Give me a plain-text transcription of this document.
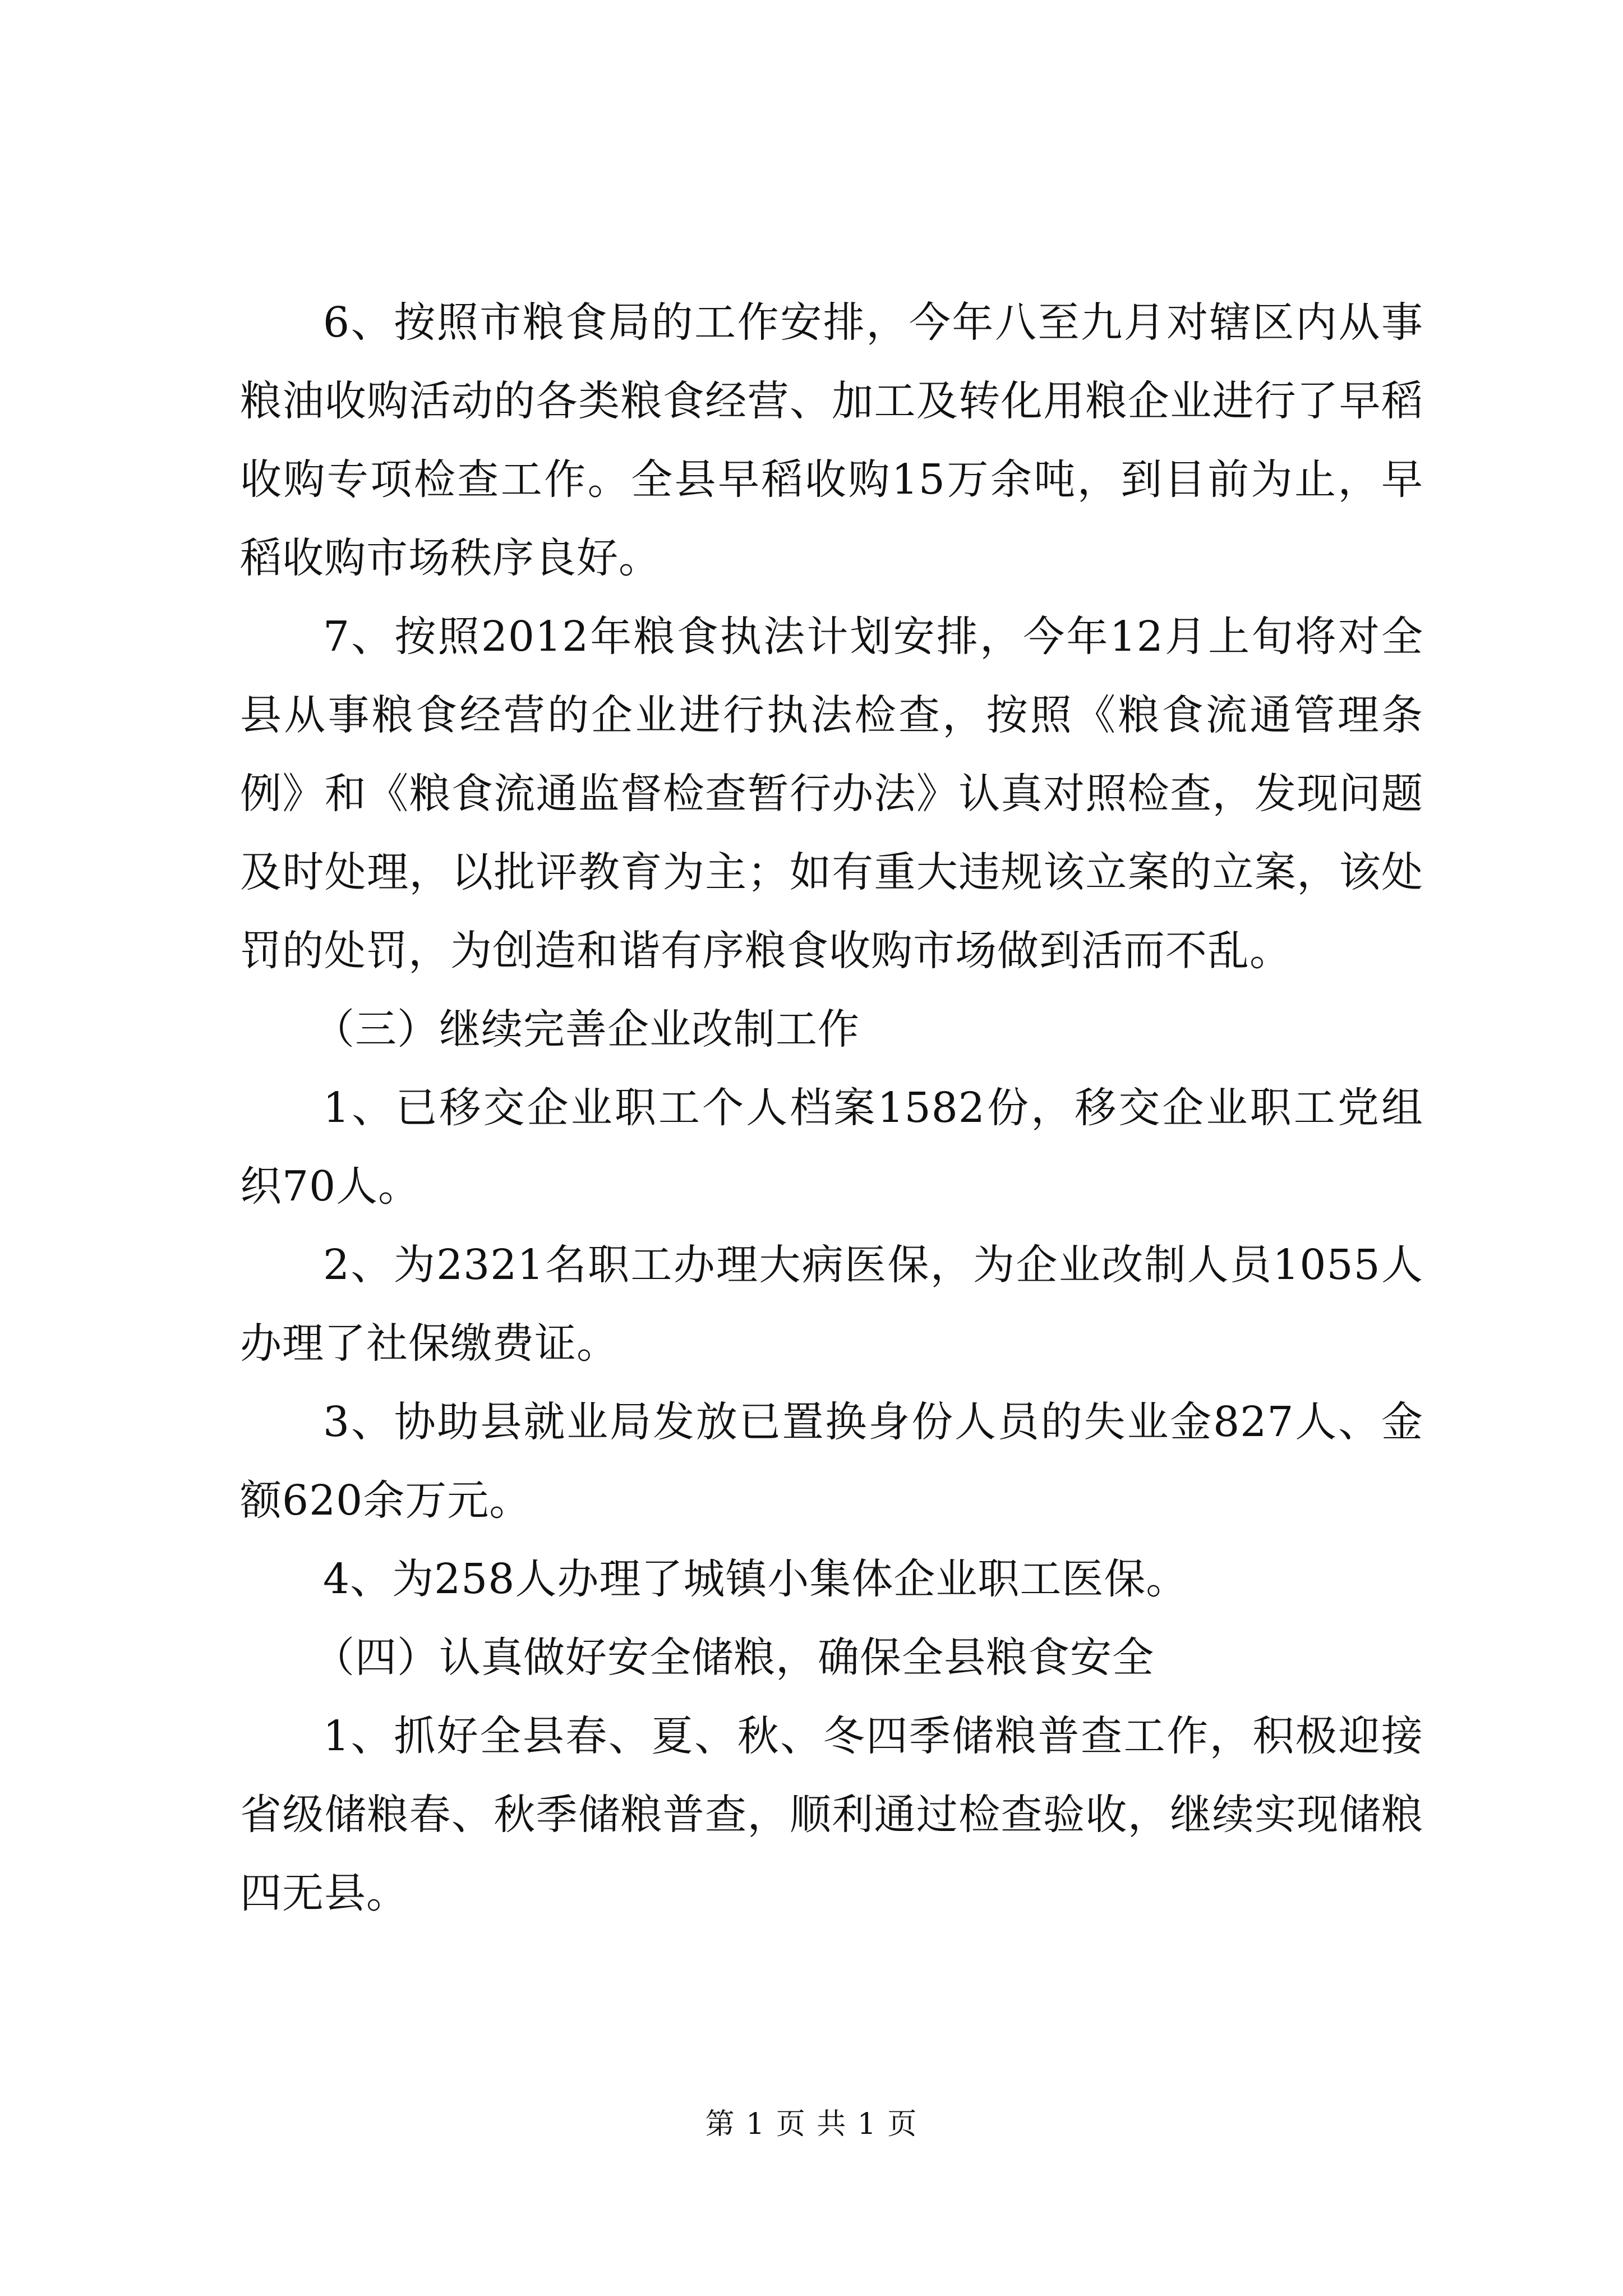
6、按照市粮食局的工作安排，今年八至九月对辖区内从事粮油收购活动的各类粮食经营、加工及转化用粮企业进行了早稻收购专项检查工作。全县早稻收购15万余吨，到目前为止，早稻收购市场秩序良好。

7、按照2012年粮食执法计划安排，今年12月上旬将对全县从事粮食经营的企业进行执法检查，按照《粮食流通管理条例》和《粮食流通监督检查暂行办法》认真对照检查，发现问题及时处理，以批评教育为主；如有重大违规该立案的立案，该处罚的处罚，为创造和谐有序粮食收购市场做到活而不乱。

（三）继续完善企业改制工作

1、已移交企业职工个人档案1582份，移交企业职工党组织70人。

2、为2321名职工办理大病医保，为企业改制人员1055人办理了社保缴费证。

3、协助县就业局发放已置换身份人员的失业金827人、金额620余万元。

4、为258人办理了城镇小集体企业职工医保。

（四）认真做好安全储粮，确保全县粮食安全

1、抓好全县春、夏、秋、冬四季储粮普查工作，积极迎接省级储粮春、秋季储粮普查，顺利通过检查验收，继续实现储粮四无县。

第 1 页 共 1 页
